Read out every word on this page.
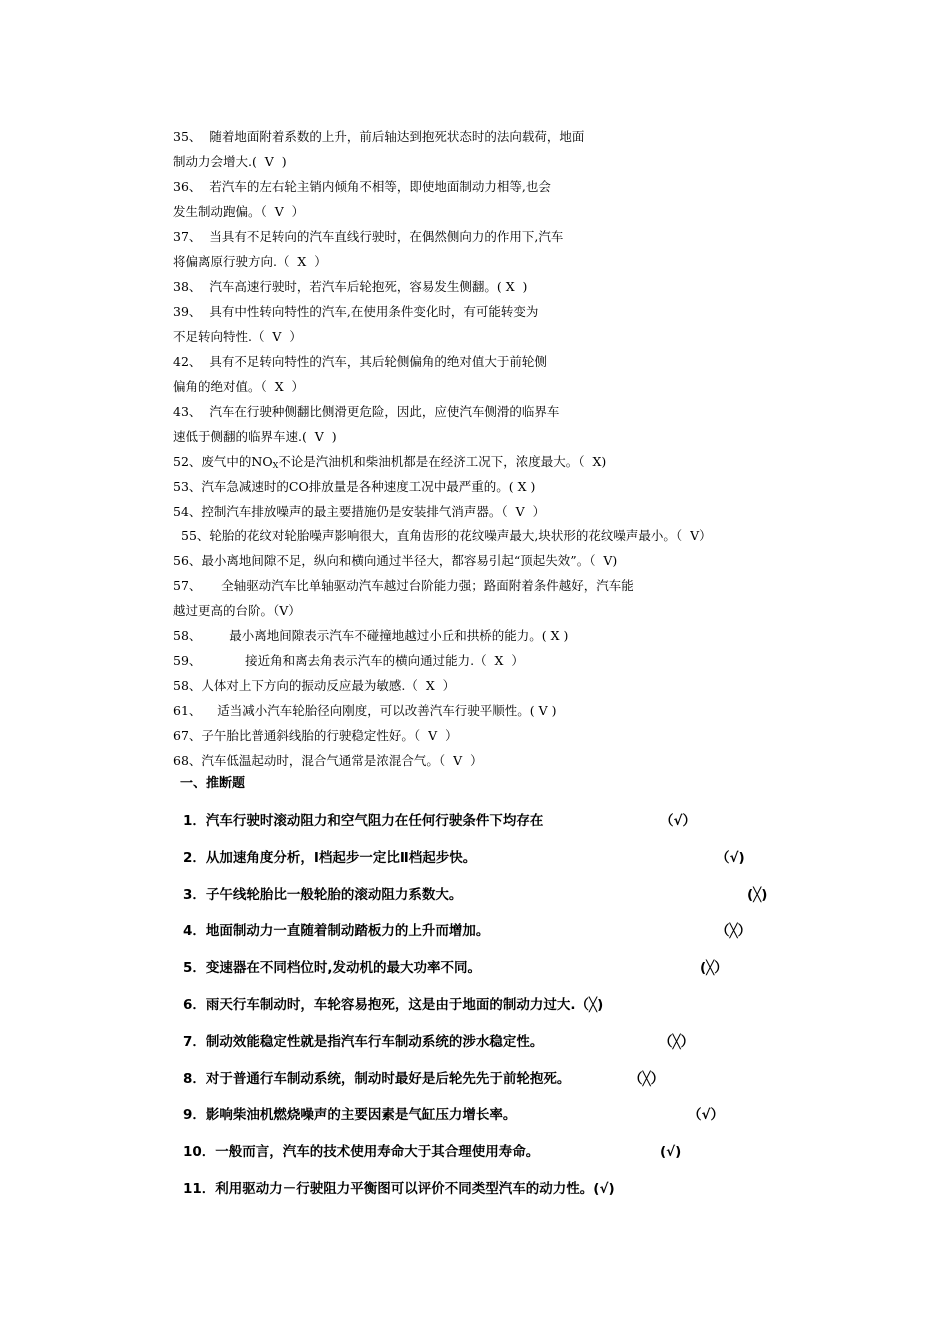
35、  随着地面附着系数的上升，前后轴达到抱死状态时的法向载荷，地面
制动力会增大.(  V  )
36、  若汽车的左右轮主销内倾角不相等，即使地面制动力相等,也会
发生制动跑偏。（  V  ）
37、  当具有不足转向的汽车直线行驶时，在偶然侧向力的作用下,汽车
将偏离原行驶方向.（  X  ）
38、  汽车高速行驶时，若汽车后轮抱死，容易发生侧翻。( X  )
39、  具有中性转向特性的汽车,在使用条件变化时，有可能转变为
不足转向特性.（  V  ）
42、  具有不足转向特性的汽车，其后轮侧偏角的绝对值大于前轮侧
偏角的绝对值。（  X  ）
43、  汽车在行驶种侧翻比侧滑更危险，因此，应使汽车侧滑的临界车
速低于侧翻的临界车速.(  V  )
52、废气中的$NO_X$不论是汽油机和柴油机都是在经济工况下，浓度最大。（  X)
53、汽车急减速时的CO排放量是各种速度工况中最严重的。( X )
54、控制汽车排放噪声的最主要措施仍是安装排气消声器。（  V  ）
55、轮胎的花纹对轮胎噪声影响很大，直角齿形的花纹噪声最大,块状形的花纹噪声最小。（  V）
56、最小离地间隙不足，纵向和横向通过半径大，都容易引起“顶起失效”。（  V)
57、     全轴驱动汽车比单轴驱动汽车越过台阶能力强；路面附着条件越好，汽车能
越过更高的台阶。（V）
58、       最小离地间隙表示汽车不碰撞地越过小丘和拱桥的能力。( X )
59、           接近角和离去角表示汽车的横向通过能力.（  X  ）
58、人体对上下方向的振动反应最为敏感.（  X  ）
61、    适当减小汽车轮胎径向刚度，可以改善汽车行驶平顺性。( V )
67、子午胎比普通斜线胎的行驶稳定性好。（  V  ）
68、汽车低温起动时，混合气通常是浓混合气。（  V  ）
一、推断题
1．汽车行驶时滚动阻力和空气阻力在任何行驶条件下均存在	（√）
2．从加速角度分析，Ⅰ档起步一定比Ⅱ档起步快。	（√)
3．子午线轮胎比一般轮胎的滚动阻力系数大。	(╳)
4．地面制动力一直随着制动踏板力的上升而增加。	（╳）
5．变速器在不同档位时,发动机的最大功率不同。	(╳）
6．雨天行车制动时，车轮容易抱死，这是由于地面的制动力过大.（╳)
7．制动效能稳定性就是指汽车行车制动系统的涉水稳定性。	（╳）
8．对于普通行车制动系统，制动时最好是后轮先先于前轮抱死。	（╳）
9．影响柴油机燃烧噪声的主要因素是气缸压力增长率。	（√）
10．一般而言，汽车的技术使用寿命大于其合理使用寿命。	(√)
11．利用驱动力－行驶阻力平衡图可以评价不同类型汽车的动力性。(√)
